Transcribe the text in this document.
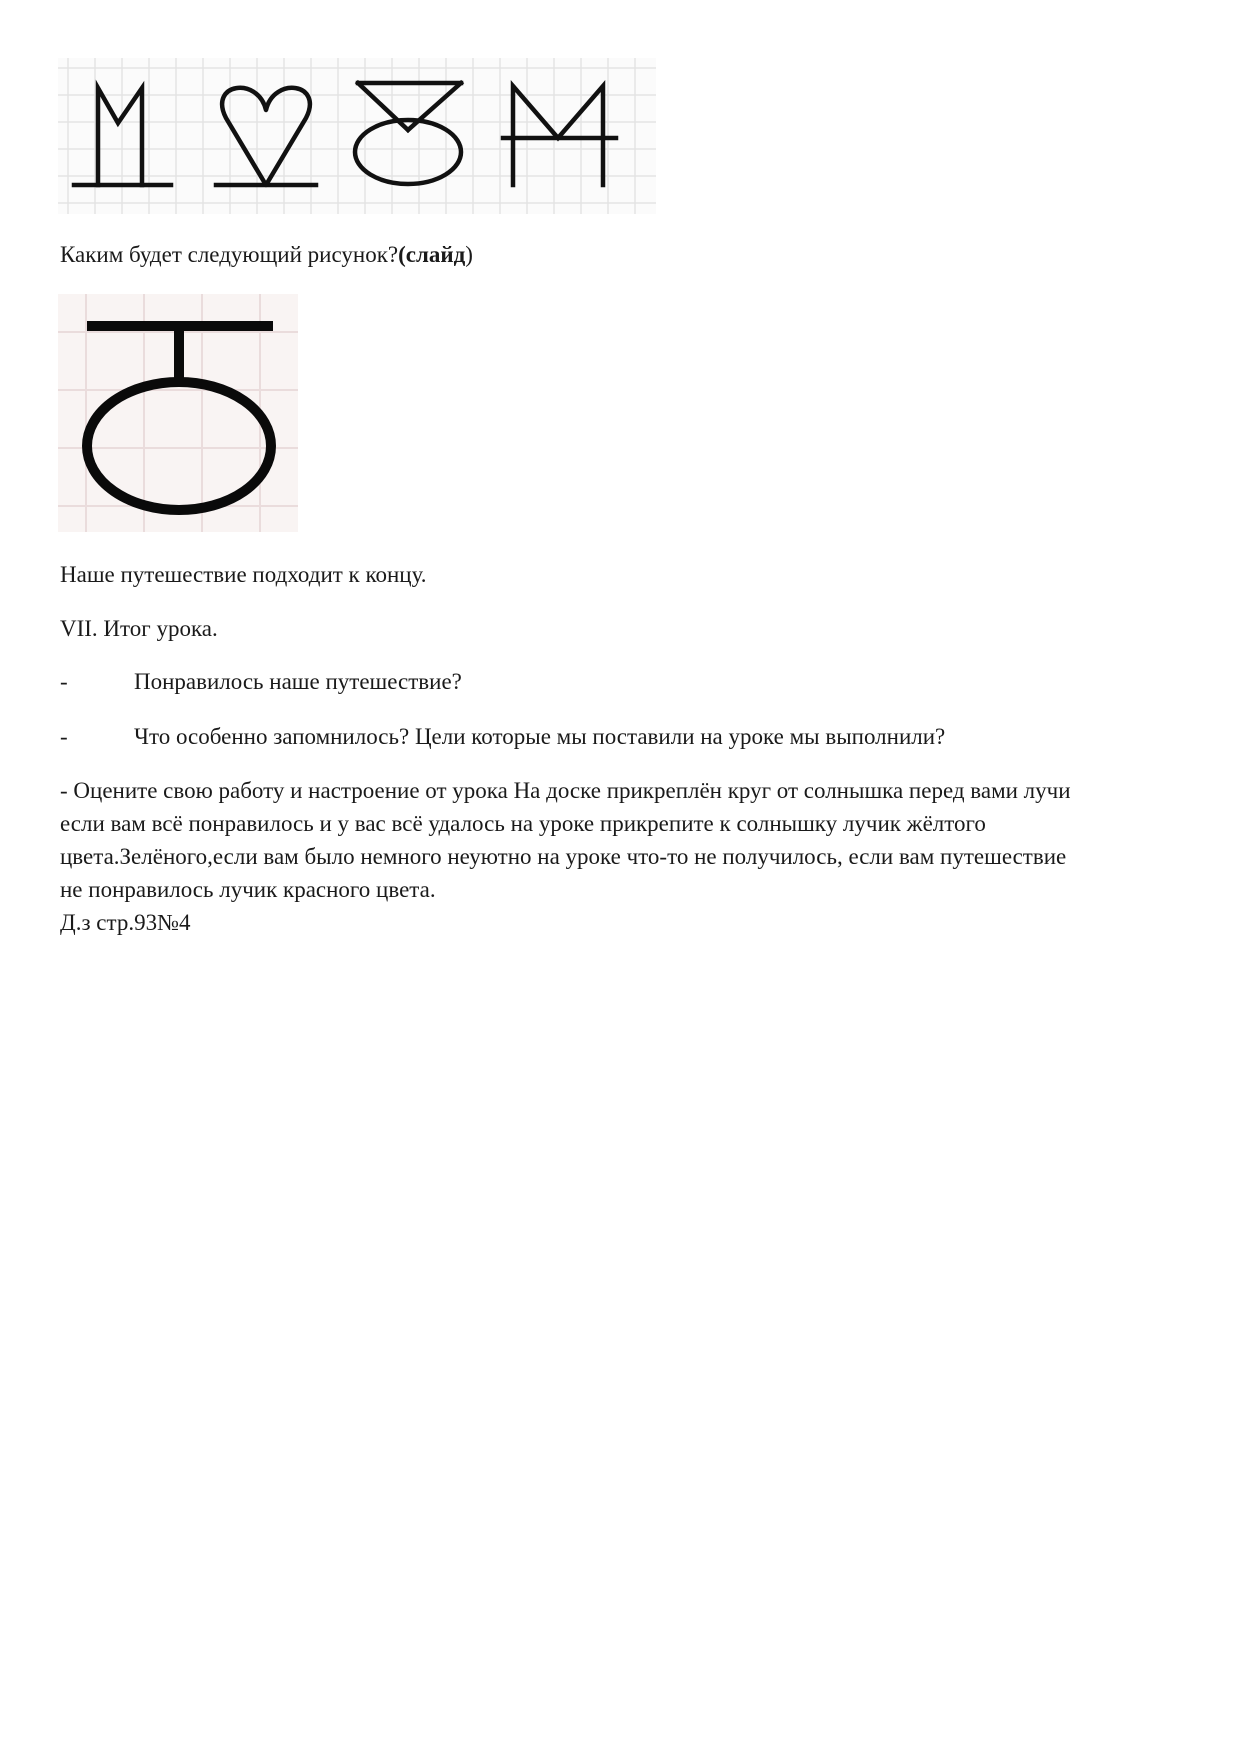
Каким будет следующий рисунок?(слайд)
Наше путешествие подходит к концу.
VII. Итог урока.
-	Понравилось наше путешествие?
-	Что особенно запомнилось? Цели которые мы поставили на уроке мы выполнили?
- Оцените свою работу и настроение от урока На доске прикреплён круг от солнышка перед вами лучи
если вам всё понравилось и у вас всё удалось на уроке прикрепите к солнышку лучик жёлтого
цвета.Зелёного,если вам было немного неуютно на уроке что-то не получилось, если вам путешествие
не понравилось лучик красного цвета.
Д.з стр.93№4
